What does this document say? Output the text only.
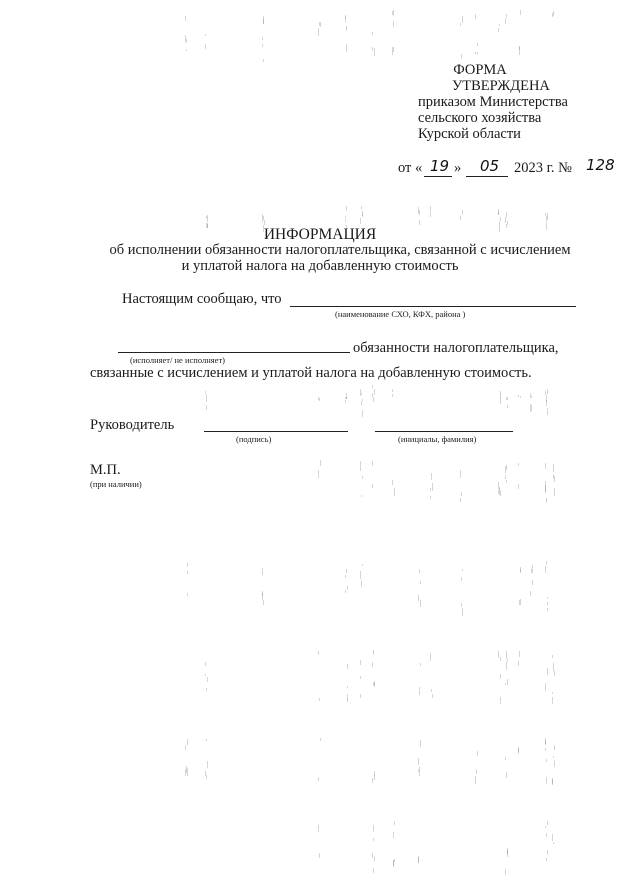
ФОРМА
УТВЕРЖДЕНА
приказом Министерства
сельского хозяйства
Курской области
от « 19 » 05 2023 г. № 128
ИНФОРМАЦИЯ
об исполнении обязанности налогоплательщика, связанной с исчислением
и уплатой налога на добавленную стоимость
Настоящим сообщаю, что
(наименование СХО, КФХ, района )
обязанности налогоплательщика,
(исполняет/ не исполняет)
связанные с исчислением и уплатой налога на добавленную стоимость.
Руководитель
(подпись)	(инициалы, фамилия)
М.П.
(при наличии)
